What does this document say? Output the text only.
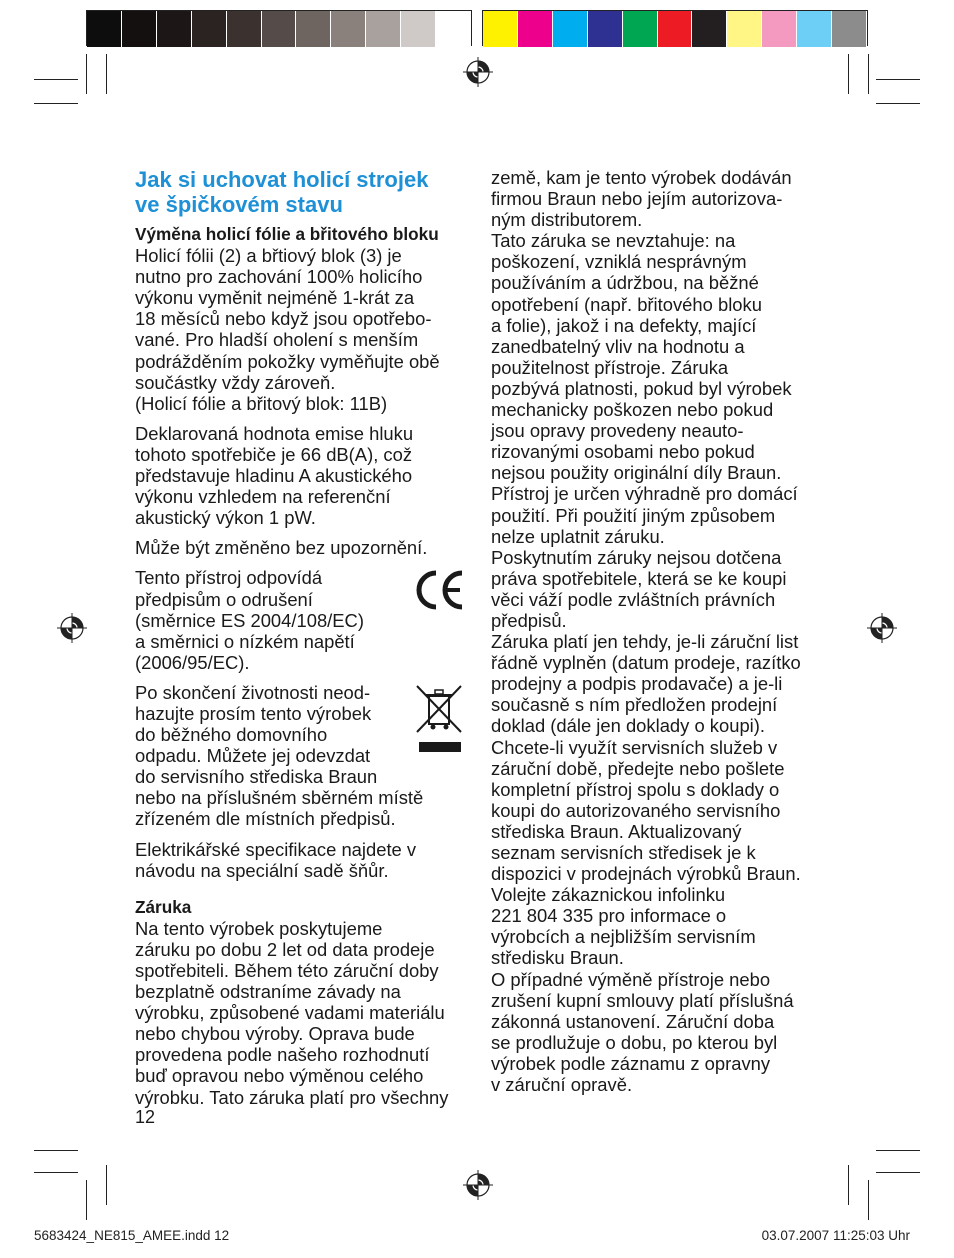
Jak si uchovat holicí strojek
ve špičkovém stavu

Výměna holicí fólie a břitového bloku

Holicí fólii (2) a břtiový blok (3) je
nutno pro zachování 100% holicího
výkonu vyměnit nejméně 1-krát za
18 měsíců nebo když jsou opotřebo-
vané. Pro hladší oholení s menším
podrážděním pokožky vyměňujte obě
součástky vždy zároveň.
(Holicí fólie a břitový blok: 11B)

Deklarovaná hodnota emise hluku
tohoto spotřebiče je 66 dB(A), což
představuje hladinu A akustického
výkonu vzhledem na referenční
akustický výkon 1 pW.

Může být změněno bez upozornění.

Tento přístroj odpovídá
předpisům o odrušení
(směrnice ES 2004/108/EC)
a směrnici o nízkém napětí
(2006/95/EC).

Po skončení životnosti neod-
hazujte prosím tento výrobek
do běžného domovního
odpadu. Můžete jej odevzdat
do servisního střediska Braun
nebo na příslušném sběrném místě
zřízeném dle místních předpisů.

Elektrikářské specifikace najdete v
návodu na speciální sadě šňůr.

Záruka

Na tento výrobek poskytujeme
záruku po dobu 2 let od data prodeje
spotřebiteli. Během této záruční doby
bezplatně odstraníme závady na
výrobku, způsobené vadami materiálu
nebo chybou výroby. Oprava bude
provedena podle našeho rozhodnutí
buď opravou nebo výměnou celého
výrobku. Tato záruka platí pro všechny

země, kam je tento výrobek dodáván
firmou Braun nebo jejím autorizova-
ným distributorem.
Tato záruka se nevztahuje: na
poškození, vzniklá nesprávným
používáním a údržbou, na běžné
opotřebení (např. břitového bloku
a folie), jakož i na defekty, mající
zanedbatelný vliv na hodnotu a
použitelnost přístroje. Záruka
pozbývá platnosti, pokud byl výrobek
mechanicky poškozen nebo pokud
jsou opravy provedeny neauto-
rizovanými osobami nebo pokud
nejsou použity originální díly Braun.
Přístroj je určen výhradně pro domácí
použití. Při použití jiným způsobem
nelze uplatnit záruku.
Poskytnutím záruky nejsou dotčena
práva spotřebitele, která se ke koupi
věci váží podle zvláštních právních
předpisů.
Záruka platí jen tehdy, je-li záruční list
řádně vyplněn (datum prodeje, razítko
prodejny a podpis prodavače) a je-li
současně s ním předložen prodejní
doklad (dále jen doklady o koupi).
Chcete-li využít servisních služeb v
záruční době, předejte nebo pošlete
kompletní přístroj spolu s doklady o
koupi do autorizovaného servisního
střediska Braun. Aktualizovaný
seznam servisních středisek je k
dispozici v prodejnách výrobků Braun.
Volejte zákaznickou infolinku
221 804 335 pro informace o
výrobcích a nejbližším servisním
středisku Braun.
O případné výměně přístroje nebo
zrušení kupní smlouvy platí příslušná
zákonná ustanovení. Záruční doba
se prodlužuje o dobu, po kterou byl
výrobek podle záznamu z opravny
v záruční opravě.
12
5683424_NE815_AMEE.indd 12	03.07.2007 11:25:03 Uhr
